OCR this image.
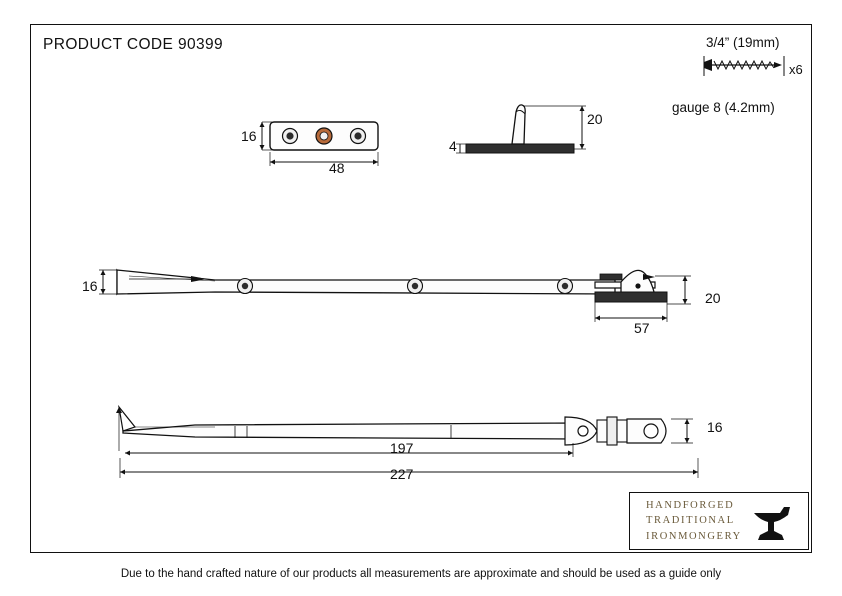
PRODUCT CODE 90399	3/4” (19mm)
x6
gauge 8 (4.2mm)
16
48
20
4
16
20
57
16
197
227
HANDFORGED
TRADITIONAL
IRONMONGERY
Due to the hand crafted nature of our products all measurements are approximate and should be used as a guide only
